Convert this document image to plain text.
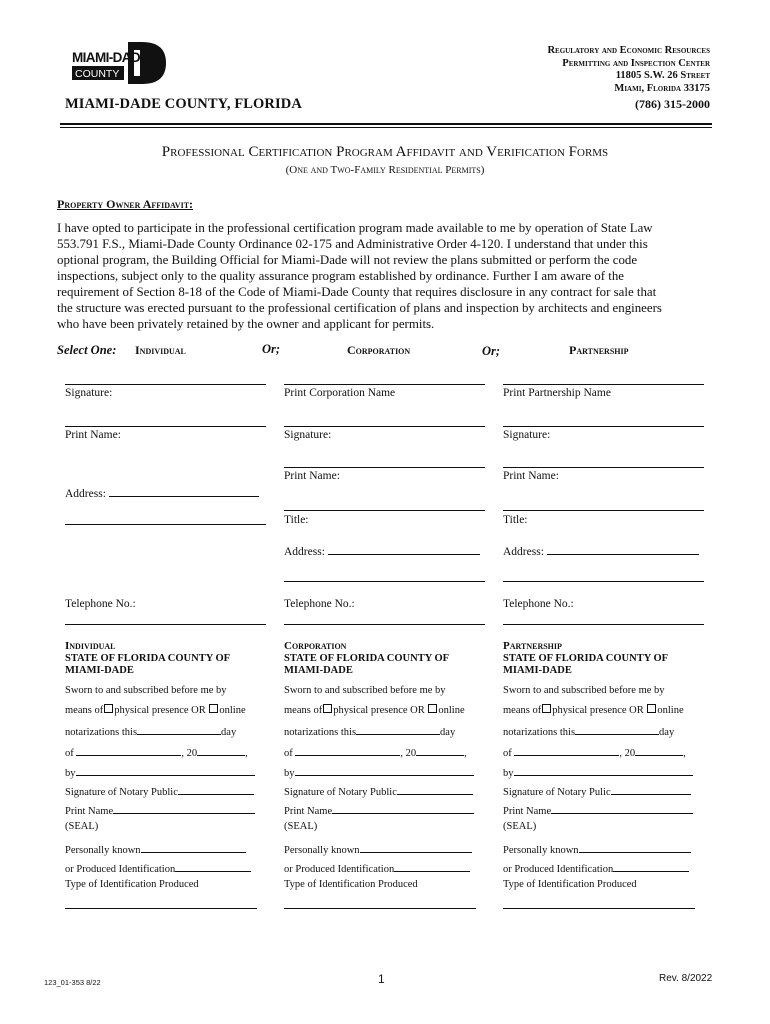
MIAMI-DADE
COUNTY
MIAMI-DADE COUNTY, FLORIDA
Regulatory and Economic Resources
Permitting and Inspection Center
11805 S.W. 26 Street
Miami, Florida 33175
(786) 315-2000
Professional Certification Program Affidavit and Verification Forms
(One and Two-Family Residential Permits)
Property Owner Affidavit:
I have opted to participate in the professional certification program made available to me by operation of State Law
553.791 F.S., Miami-Dade County Ordinance 02-175 and Administrative Order 4-120. I understand that under this
optional program, the Building Official for Miami-Dade will not review the plans submitted or perform the code
inspections, subject only to the quality assurance program established by ordinance. Further I am aware of the
requirement of Section 8-18 of the Code of Miami-Dade County that requires disclosure in any contract for sale that
the structure was erected pursuant to the professional certification of plans and inspection by architects and engineers
who have been privately retained by the owner and applicant for permits.
Select One: Individual	Or;	Corporation	Or;	Partnership
Signature:
Print Name:
Address:
Telephone No.:
Print Corporation Name
Signature:
Print Name:
Title:
Address:
Telephone No.:
Print Partnership Name
Signature:
Print Name:
Title:
Address:
Telephone No.:
Individual
STATE OF FLORIDA COUNTY OF
MIAMI-DADE
Sworn to and subscribed before me by
means of physical presence OR online
notarizations this	day
of	, 20	,
by
Signature of Notary Public
Print Name
(SEAL)
Personally known
or Produced Identification
Type of Identification Produced
Corporation
STATE OF FLORIDA COUNTY OF
MIAMI-DADE
Sworn to and subscribed before me by
means of physical presence OR online
notarizations this	day
of	, 20	,
by
Signature of Notary Public
Print Name
(SEAL)
Personally known
or Produced Identification
Type of Identification Produced
Partnership
STATE OF FLORIDA COUNTY OF
MIAMI-DADE
Sworn to and subscribed before me by
means of physical presence OR online
notarizations this	day
of	, 20	,
by
Signature of Notary Pulic
Print Name
(SEAL)
Personally known
or Produced Identification
Type of Identification Produced
123_01-353 8/22	1	Rev. 8/2022
